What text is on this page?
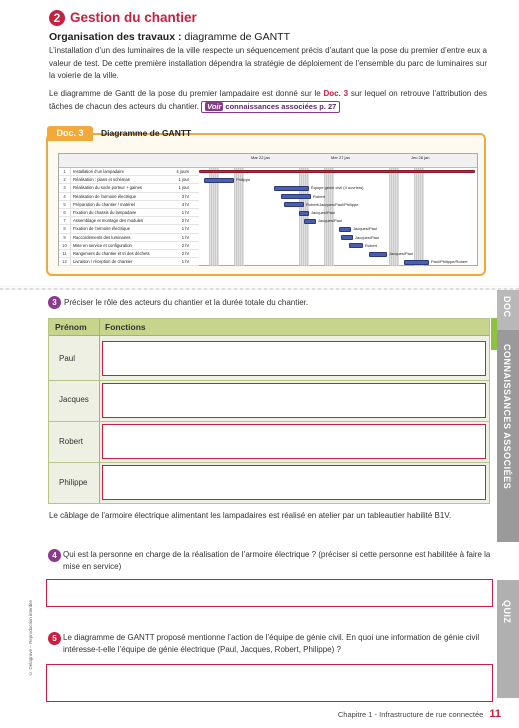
2 Gestion du chantier
Organisation des travaux : diagramme de GANTT
L’installation d’un des luminaires de la ville respecte un séquencement précis d’autant que la pose du premier d’entre eux a valeur de test. De cette première installation dépendra la stratégie de déploiement de l’ensemble du parc de luminaires sur la voierie de la ville.
Le diagramme de Gantt de la pose du premier lampadaire est donné sur le Doc. 3 sur lequel on retrouve l’attribution des tâches de chacun des acteurs du chantier. Voir connaissances associées p. 27
Doc. 3	Diagramme de GANTT
Mar 22 jan	Mer 27 jan	Jeu 28 jan
1 Installation d’un lampadaire	4 jours
2 Réalisation : plans et schémas	1 jour
3 Réalisation du socle porteur + gaines	1 jour
4 Réalisation de l’armoire électrique	3 hr
5 Préparation du chantier / matériel	4 hr
6 Fixation du chassis du lampadaire	1 hr
7 Assemblage et montage des modules	2 hr
8 Fixation de l’armoire électrique	1 hr
9 Raccordements des luminaires	1 hr
10 Mise en service et configuration	2 hr
11 Rangement du chantier et tri des déchets	2 hr
12 Livraison / réception de chantier	1 hr
Philippe
Équipe génie civil (4 ouvriers)
Robert
Robert/Jacques/Paul/Philippe
Jacques/Paul
Jacques/Paul
Jacques/Paul
Jacques/Paul
Robert
Jacques/Paul
Paul/Philippe/Robert
3 Préciser le rôle des acteurs du chantier et la durée totale du chantier.
Prénom Fonctions
Paul
Jacques
Robert
Philippe
Le câblage de l’armoire électrique alimentant les lampadaires est réalisé en atelier par un tableautier habilité B1V.
4 Qui est la personne en charge de la réalisation de l’armoire électrique ? (préciser si cette personne est habilitée à faire la mise en service)
5 Le diagramme de GANTT proposé mentionne l’action de l’équipe de génie civil. En quoi une information de génie civil intéresse-t-elle l’équipe de génie électrique (Paul, Jacques, Robert, Philippe) ?
DOC
CONNAISSANCES ASSOCIÉES
QUIZ
© Delagrave – Reproduction interdite
Chapitre 1 - Infrastructure de rue connectée 11
